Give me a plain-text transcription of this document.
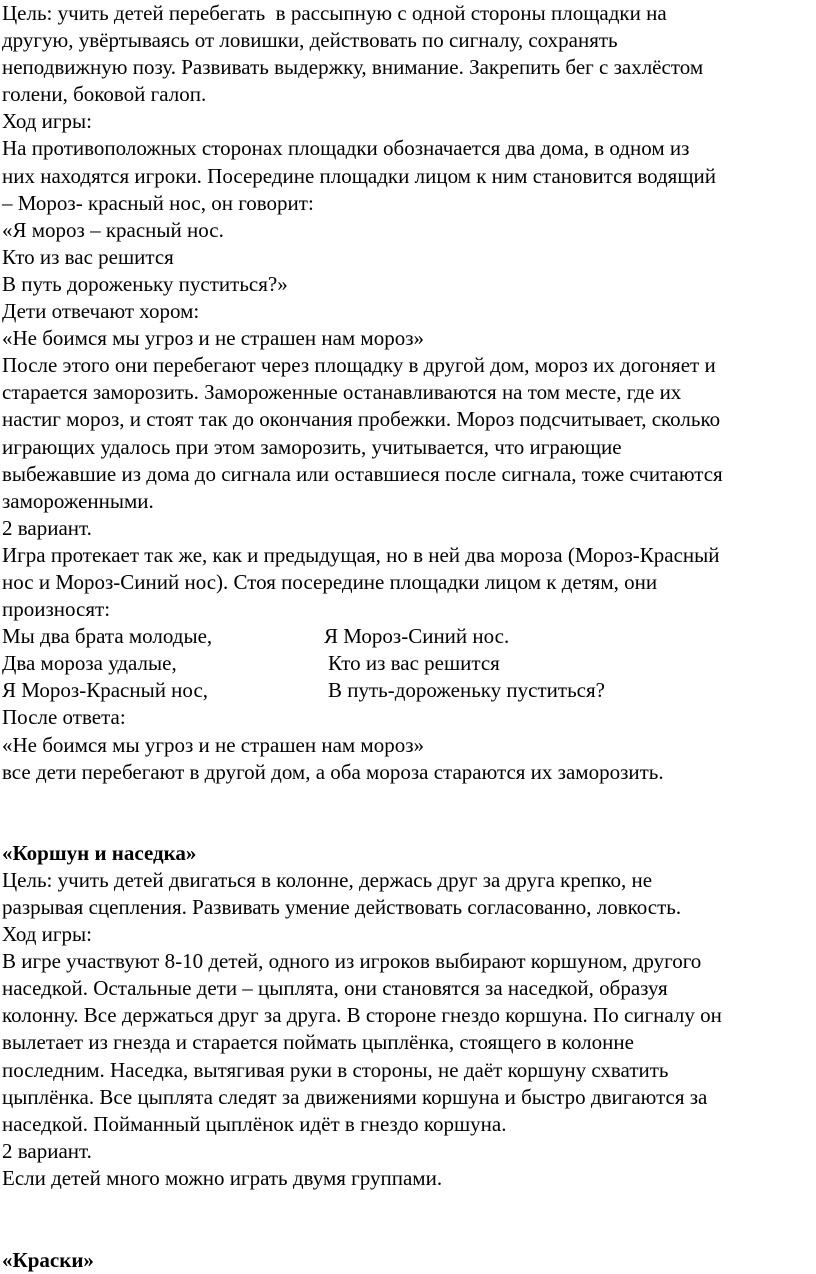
Цель: учить детей перебегать  в рассыпную с одной стороны площадки на
другую, увёртываясь от ловишки, действовать по сигналу, сохранять
неподвижную позу. Развивать выдержку, внимание. Закрепить бег с захлёстом
голени, боковой галоп.
Ход игры:
На противоположных сторонах площадки обозначается два дома, в одном из
них находятся игроки. Посередине площадки лицом к ним становится водящий
– Мороз- красный нос, он говорит:
«Я мороз – красный нос.
Кто из вас решится
В путь дороженьку пуститься?»
Дети отвечают хором:
«Не боимся мы угроз и не страшен нам мороз»
После этого они перебегают через площадку в другой дом, мороз их догоняет и
старается заморозить. Замороженные останавливаются на том месте, где их
настиг мороз, и стоят так до окончания пробежки. Мороз подсчитывает, сколько
играющих удалось при этом заморозить, учитывается, что играющие
выбежавшие из дома до сигнала или оставшиеся после сигнала, тоже считаются
замороженными.
2 вариант.
Игра протекает так же, как и предыдущая, но в ней два мороза (Мороз-Красный
нос и Мороз-Синий нос). Стоя посередине площадки лицом к детям, они
произносят:
Мы два брата молодые,	Я Мороз-Синий нос.
Два мороза удалые,	Кто из вас решится
Я Мороз-Красный нос,	В путь-дороженьку пуститься?
После ответа:
«Не боимся мы угроз и не страшен нам мороз»
все дети перебегают в другой дом, а оба мороза стараются их заморозить.
«Коршун и наседка»
Цель: учить детей двигаться в колонне, держась друг за друга крепко, не
разрывая сцепления. Развивать умение действовать согласованно, ловкость.
Ход игры:
В игре участвуют 8-10 детей, одного из игроков выбирают коршуном, другого
наседкой. Остальные дети – цыплята, они становятся за наседкой, образуя
колонну. Все держаться друг за друга. В стороне гнездо коршуна. По сигналу он
вылетает из гнезда и старается поймать цыплёнка, стоящего в колонне
последним. Наседка, вытягивая руки в стороны, не даёт коршуну схватить
цыплёнка. Все цыплята следят за движениями коршуна и быстро двигаются за
наседкой. Пойманный цыплёнок идёт в гнездо коршуна.
2 вариант.
Если детей много можно играть двумя группами.
«Краски»
